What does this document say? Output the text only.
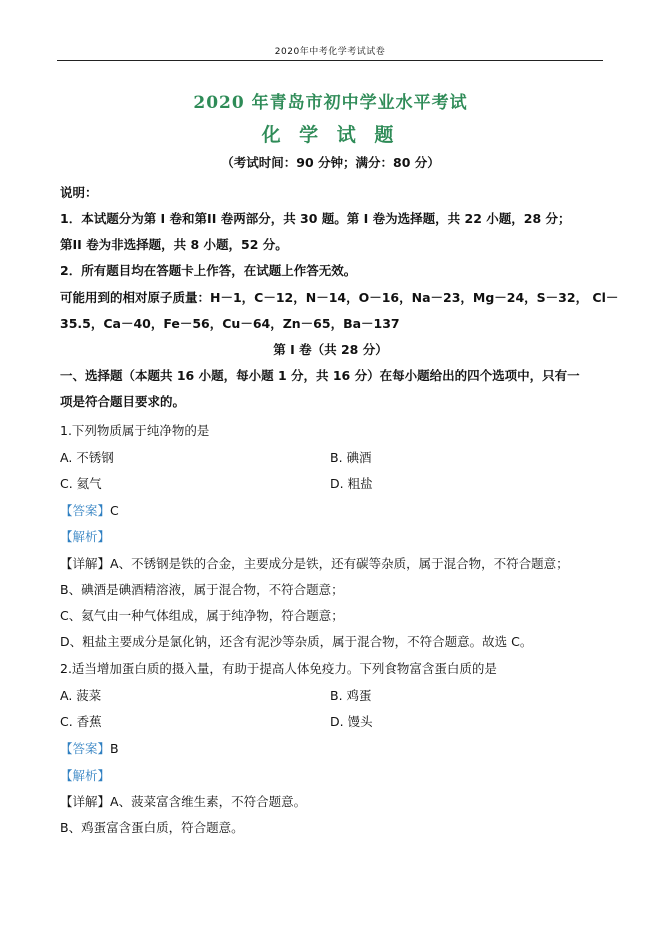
2020年中考化学考试试卷
2020 年青岛市初中学业水平考试
化 学 试 题
（考试时间：90 分钟；满分：80 分）
说明：
1．本试题分为第 I 卷和第II 卷两部分，共 30 题。第 I 卷为选择题，共 22 小题，28 分；
第II 卷为非选择题，共 8 小题，52 分。
2．所有题目均在答题卡上作答，在试题上作答无效。
可能用到的相对原子质量：H－1，C－12，N－14，O－16，Na－23，Mg－24，S－32， Cl－
35.5，Ca－40，Fe－56，Cu－64，Zn－65，Ba－137
第 I 卷（共 28 分）
一、选择题（本题共 16 小题，每小题 1 分，共 16 分）在每小题给出的四个选项中，只有一
项是符合题目要求的。
1.下列物质属于纯净物的是
A. 不锈钢	B. 碘酒
C. 氦气	D. 粗盐
【答案】C
【解析】
【详解】A、不锈钢是铁的合金，主要成分是铁，还有碳等杂质，属于混合物，不符合题意；
B、碘酒是碘酒精溶液，属于混合物，不符合题意；
C、氦气由一种气体组成，属于纯净物，符合题意；
D、粗盐主要成分是氯化钠，还含有泥沙等杂质，属于混合物，不符合题意。故选 C。
2.适当增加蛋白质的摄入量，有助于提高人体免疫力。下列食物富含蛋白质的是
A. 菠菜	B. 鸡蛋
C. 香蕉	D. 馒头
【答案】B
【解析】
【详解】A、菠菜富含维生素，不符合题意。
B、鸡蛋富含蛋白质，符合题意。
